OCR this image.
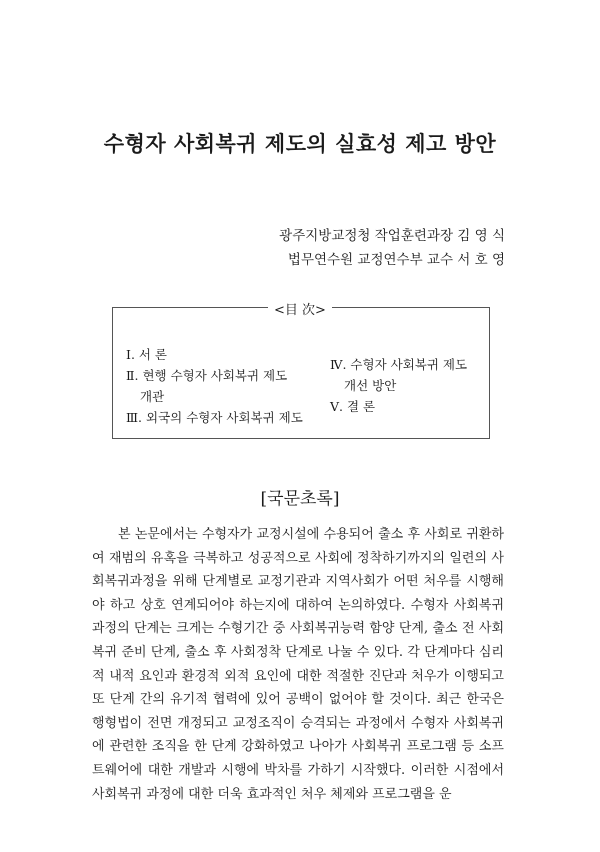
수형자 사회복귀 제도의 실효성 제고 방안
광주지방교정청 작업훈련과장 김 영 식
법무연수원 교정연수부 교수 서 호 영
<目 次>

Ⅰ. 서 론

Ⅱ. 현행 수형자 사회복귀 제도
개관

Ⅲ. 외국의 수형자 사회복귀 제도

Ⅳ. 수형자 사회복귀 제도
개선 방안

Ⅴ. 결 론

[국문초록]
본 논문에서는 수형자가 교정시설에 수용되어 출소 후 사회로 귀환하여 재범의 유혹을 극복하고 성공적으로 사회에 정착하기까지의 일련의 사회복귀과정을 위해 단계별로 교정기관과 지역사회가 어떤 처우를 시행해야 하고 상호 연계되어야 하는지에 대하여 논의하였다. 수형자 사회복귀 과정의 단계는 크게는 수형기간 중 사회복귀능력 함양 단계, 출소 전 사회복귀 준비 단계, 출소 후 사회정착 단계로 나눌 수 있다. 각 단계마다 심리적 내적 요인과 환경적 외적 요인에 대한 적절한 진단과 처우가 이행되고 또 단계 간의 유기적 협력에 있어 공백이 없어야 할 것이다. 최근 한국은 행형법이 전면 개정되고 교정조직이 승격되는 과정에서 수형자 사회복귀에 관련한 조직을 한 단계 강화하였고 나아가 사회복귀 프로그램 등 소프트웨어에 대한 개발과 시행에 박차를 가하기 시작했다. 이러한 시점에서 사회복귀 과정에 대한 더욱 효과적인 처우 체제와 프로그램을 운
